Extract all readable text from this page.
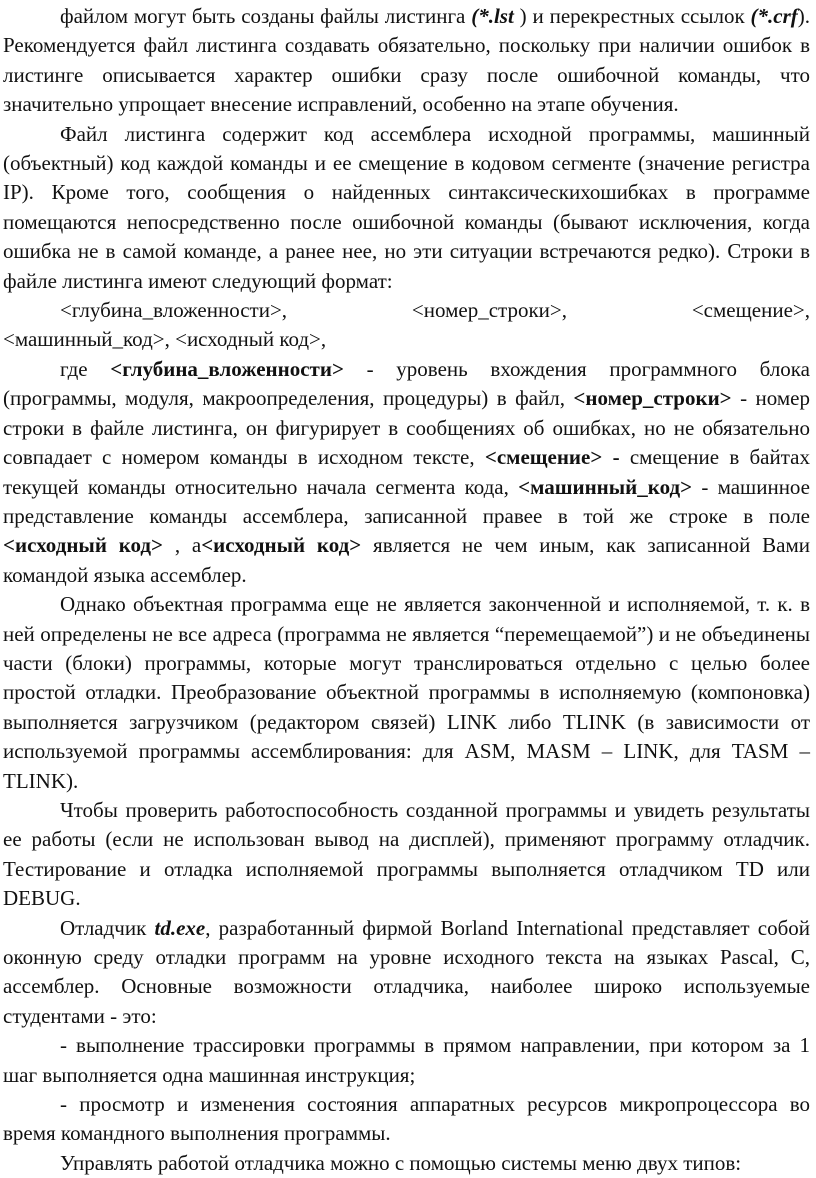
файлом могут быть созданы файлы листинга (*.lst ) и перекрестных ссылок (*.crf). Рекомендуется файл листинга создавать обязательно, поскольку при наличии ошибок в листинге описывается характер ошибки сразу после ошибочной команды, что значительно упрощает внесение исправлений, особенно на этапе обучения.

Файл листинга содержит код ассемблера исходной программы, машинный (объектный) код каждой команды и ее смещение в кодовом сегменте (значение регистра IP). Кроме того, сообщения о найденных синтаксическихошибках в программе помещаются непосредственно после ошибочной команды (бывают исключения, когда ошибка не в самой команде, а ранее нее, но эти ситуации встречаются редко). Строки в файле листинга имеют следующий формат:

<глубина_вложенности>, <номер_строки>, <смещение>,

<машинный_код>, <исходный код>,

где <глубина_вложенности> - уровень вхождения программного блока (программы, модуля, макроопределения, процедуры) в файл, <номер_строки> - номер строки в файле листинга, он фигурирует в сообщениях об ошибках, но не обязательно совпадает с номером команды в исходном тексте, <смещение> - смещение в байтах текущей команды относительно начала сегмента кода, <машинный_код> - машинное представление команды ассемблера, записанной правее в той же строке в поле <исходный код> , а<исходный код> является не чем иным, как записанной Вами командой языка ассемблер.

Однако объектная программа еще не является законченной и исполняемой, т. к. в ней определены не все адреса (программа не является “перемещаемой”) и не объединены части (блоки) программы, которые могут транслироваться отдельно с целью более простой отладки. Преобразование объектной программы в исполняемую (компоновка) выполняется загрузчиком (редактором связей) LINK либо TLINK (в зависимости от используемой программы ассемблирования: для ASM, MASM – LINK, для TASM – TLINK).

Чтобы проверить работоспособность созданной программы и увидеть результаты ее работы (если не использован вывод на дисплей), применяют программу отладчик. Тестирование и отладка исполняемой программы выполняется отладчиком TD или DEBUG.

Отладчик td.exe, разработанный фирмой Borland International представляет собой оконную среду отладки программ на уровне исходного текста на языках Pascal, C, ассемблер. Основные возможности отладчика, наиболее широко используемые студентами - это:

- выполнение трассировки программы в прямом направлении, при котором за 1 шаг выполняется одна машинная инструкция;

- просмотр и изменения состояния аппаратных ресурсов микропроцессора во время командного выполнения программы.

Управлять работой отладчика можно с помощью системы меню двух типов:
